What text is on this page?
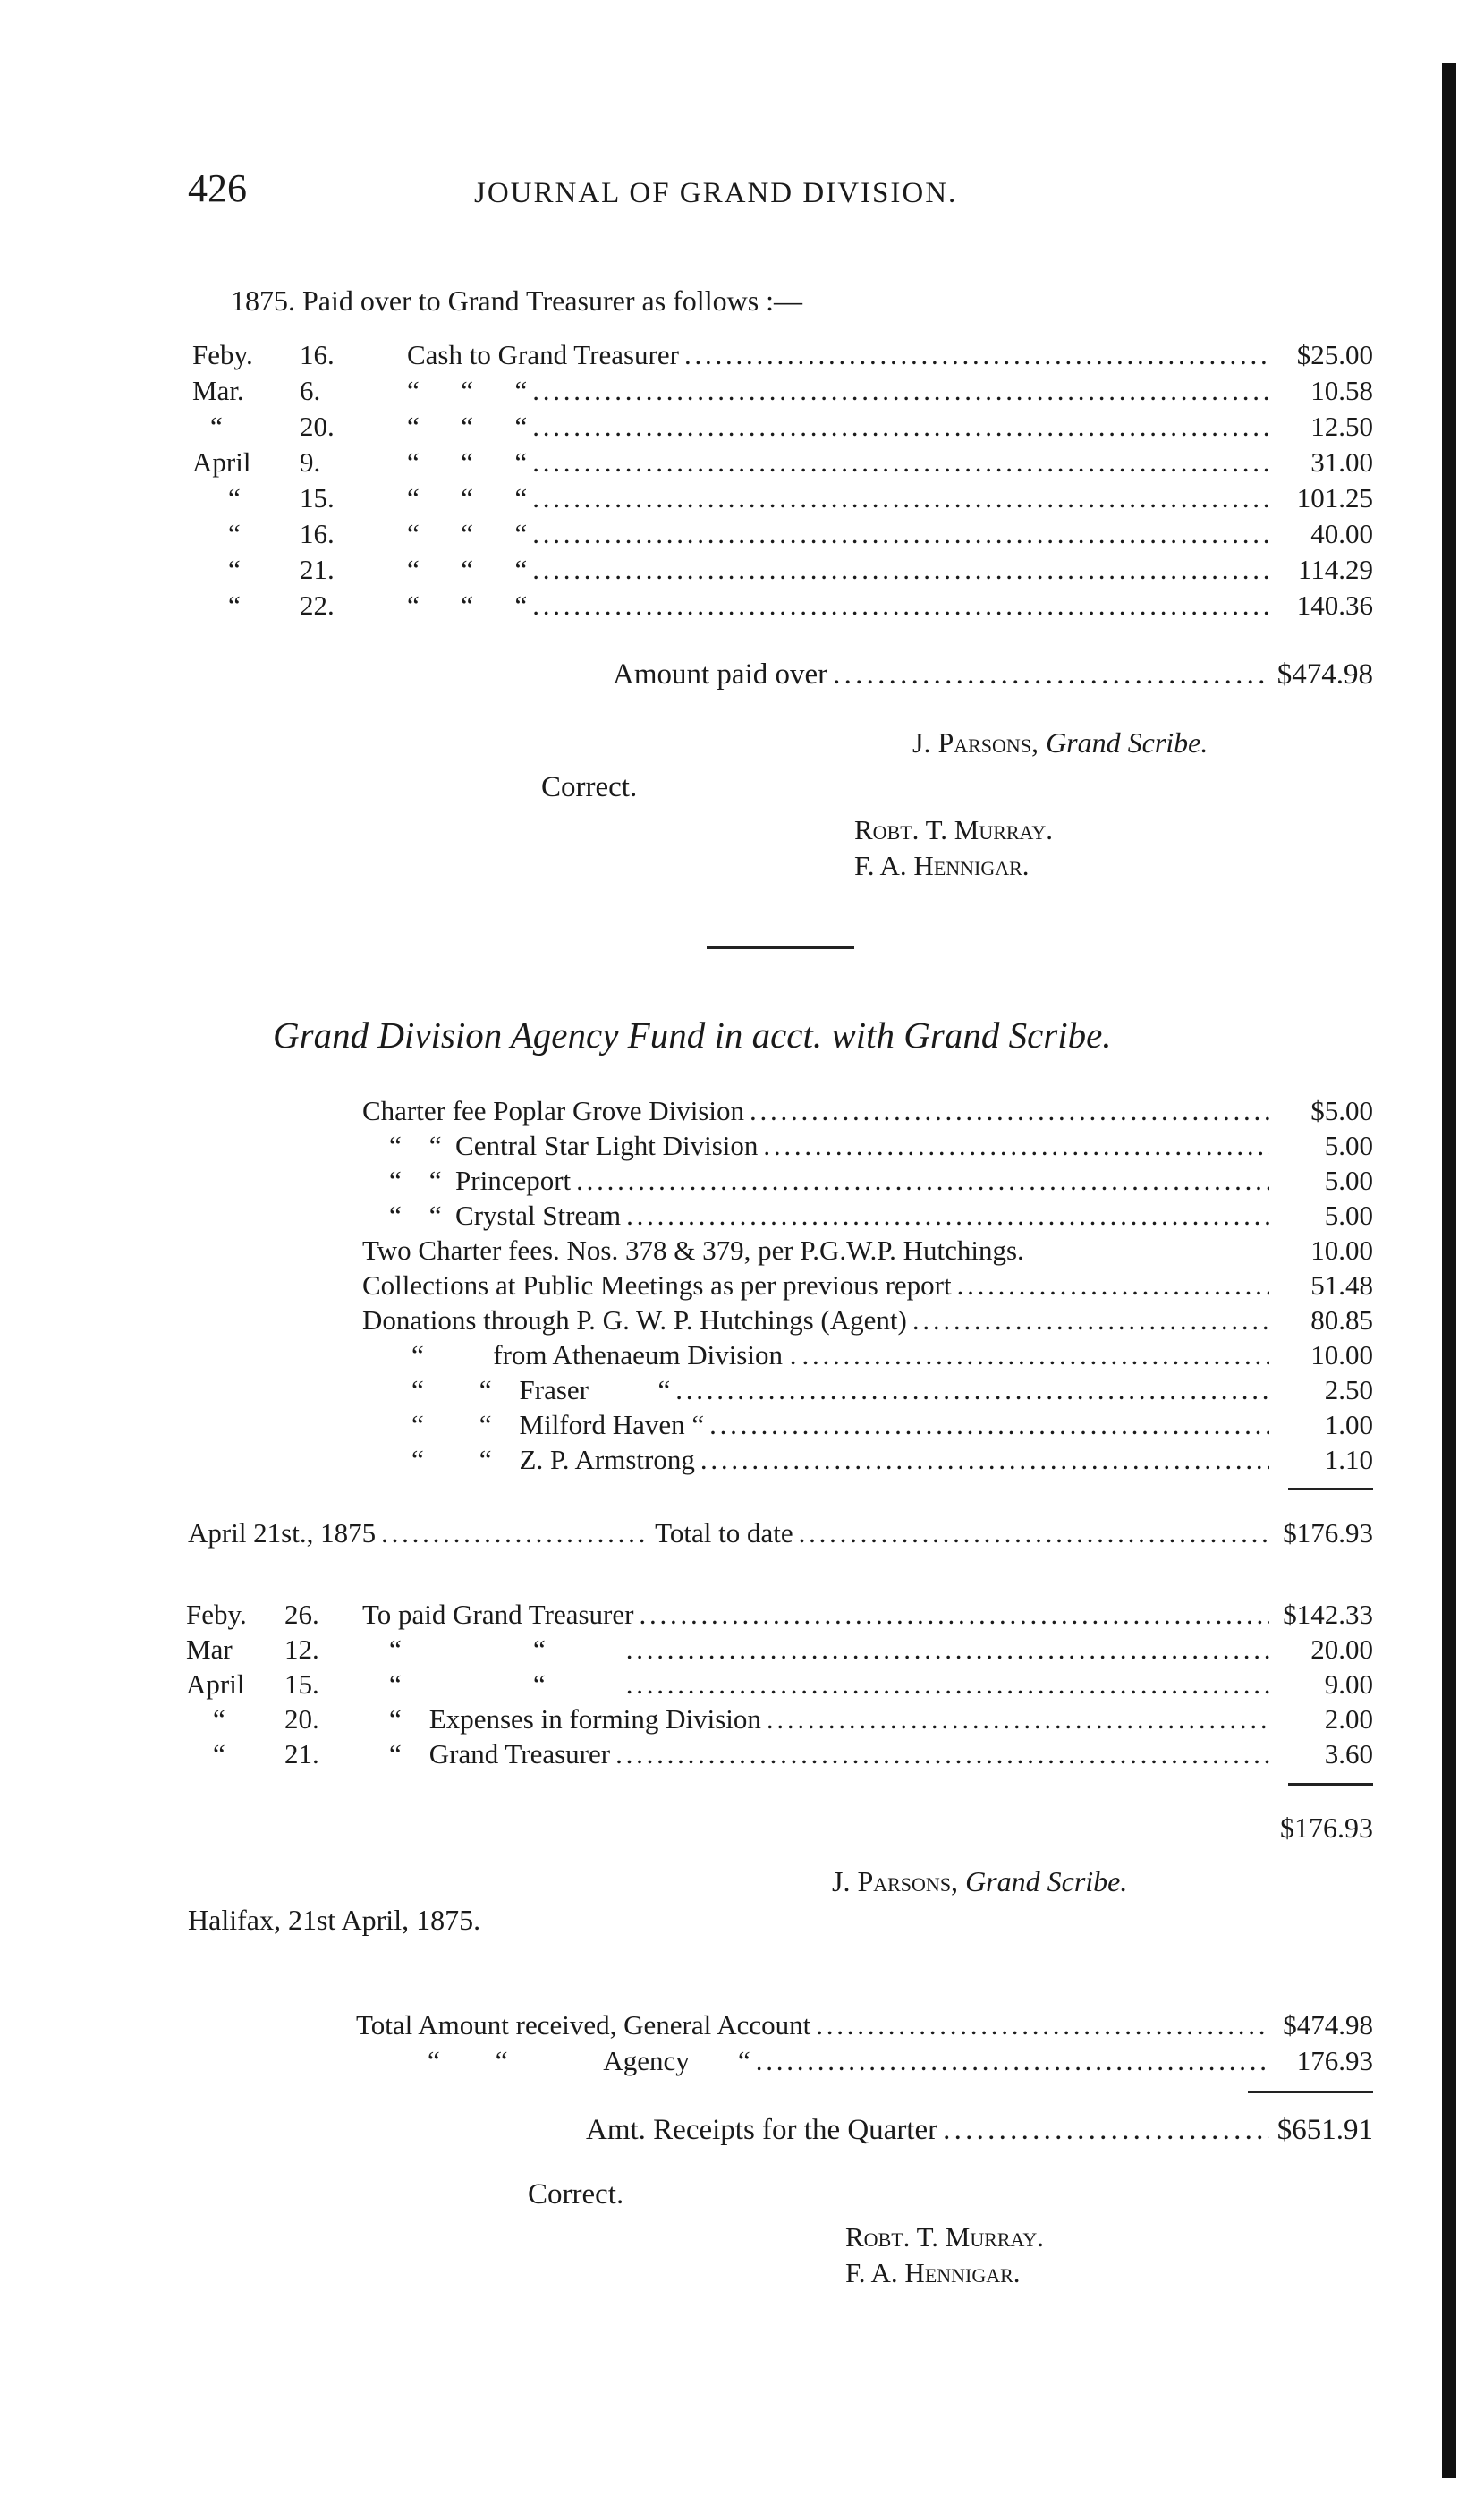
426	JOURNAL OF GRAND DIVISION.
1875. Paid over to Grand Treasurer as follows :—
Feby.	16.	Cash to Grand Treasurer . . .	$25.00
Mar.	6.	“      “      “ . . .	10.58
“	20.	“      “      “ . . .	12.50
April	9.	“      “      “ . . .	31.00
“	15.	“      “      “ . . .	101.25
“	16.	“      “      “ . . .	40.00
“	21.	“      “      “ . . .	114.29
“	22.	“      “      “ . . .	140.36
Amount paid over . . .	$474.98
J. Parsons, Grand Scribe.
Correct.
Robt. T. Murray.
F. A. Hennigar.
Grand Division Agency Fund in acct. with Grand Scribe.
Charter fee Poplar Grove Division . . .	$5.00
“    “  Central Star Light Division . . .	5.00
“    “  Princeport . . .	5.00
“    “  Crystal Stream . . .	5.00
Two Charter fees. Nos. 378 & 379, per P.G.W.P. Hutchings.	10.00
Collections at Public Meetings as per previous report . . .	51.48
Donations through P. G. W. P. Hutchings (Agent) . . .	80.85
“          from Athenaeum Division . . . .	10.00
“        “    Fraser          “ . . .	2.50
“        “    Milford Haven “ . . .	1.00
“        “    Z. P. Armstrong . . .	1.10
April 21st., 1875 . . .	Total to date . . .	$176.93
Feby.	26.	To paid Grand Treasurer . . .	$142.33
Mar	12.	“                   “ . . .	20.00
April	15.	“                   “ . . .	9.00
“	20.	“    Expenses in forming Division . . .	2.00
“	21.	“    Grand Treasurer . . .	3.60
$176.93
J. Parsons, Grand Scribe.
Halifax, 21st April, 1875.
Total Amount received, General Account . . .	$474.98
“        “              Agency       “ . . .	176.93
Amt. Receipts for the Quarter . . .	$651.91
Correct.
Robt. T. Murray.
F. A. Hennigar.
